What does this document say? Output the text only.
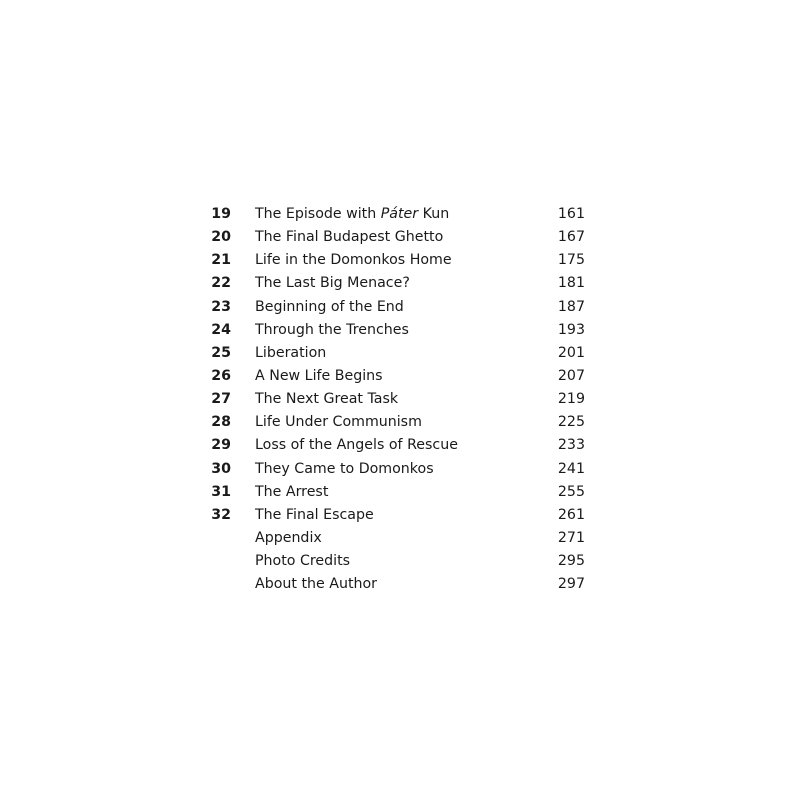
19 The Episode with Páter Kun	161
20 The Final Budapest Ghetto	167
21 Life in the Domonkos Home	175
22 The Last Big Menace?	181
23 Beginning of the End	187
24 Through the Trenches	193
25 Liberation	201
26 A New Life Begins	207
27 The Next Great Task	219
28 Life Under Communism	225
29 Loss of the Angels of Rescue	233
30 They Came to Domonkos	241
31 The Arrest	255
32 The Final Escape	261
Appendix	271
Photo Credits	295
About the Author	297
